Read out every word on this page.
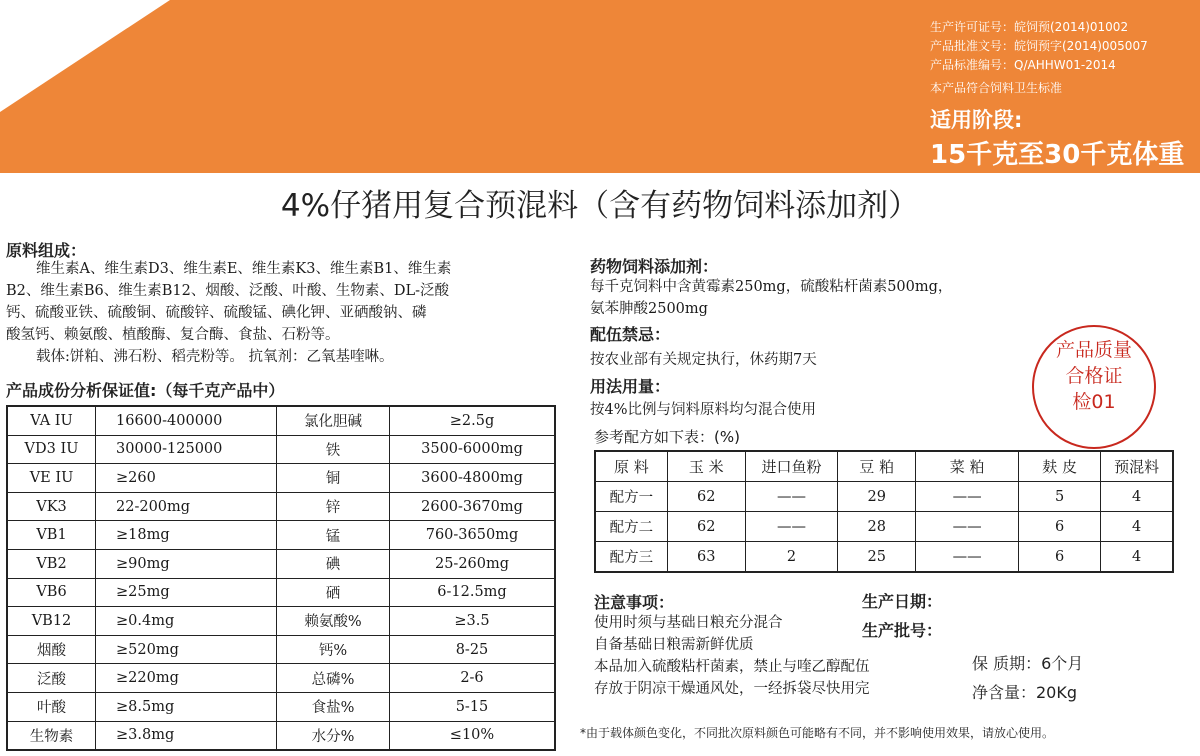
生产许可证号：皖饲预(2014)01002
产品批准文号：皖饲预字(2014)005007
产品标准编号：Q/AHHW01-2014
本产品符合饲料卫生标准
适用阶段:
15千克至30千克体重
4%仔猪用复合预混料（含有药物饲料添加剂）
原料组成：
维生素A、维生素D3、维生素E、维生素K3、维生素B1、维生素
B2、维生素B6、维生素B12、烟酸、泛酸、叶酸、生物素、DL-泛酸
钙、硫酸亚铁、硫酸铜、硫酸锌、硫酸锰、碘化钾、亚硒酸钠、磷
酸氢钙、赖氨酸、植酸酶、复合酶、食盐、石粉等。
载体:饼粕、沸石粉、稻壳粉等。 抗氧剂：乙氧基喹啉。
产品成份分析保证值:（每千克产品中）
VA IU	16600-400000	氯化胆碱	≥2.5g
VD3 IU	30000-125000	铁	3500-6000mg
VE IU	≥260	铜	3600-4800mg
VK3	22-200mg	锌	2600-3670mg
VB1	≥18mg	锰	760-3650mg
VB2	≥90mg	碘	25-260mg
VB6	≥25mg	硒	6-12.5mg
VB12	≥0.4mg	赖氨酸%	≥3.5
烟酸	≥520mg	钙%	8-25
泛酸	≥220mg	总磷%	2-6
叶酸	≥8.5mg	食盐%	5-15
生物素	≥3.8mg	水分%	≤10%
药物饲料添加剂：
每千克饲料中含黄霉素250mg，硫酸粘杆菌素500mg，
氨苯胂酸2500mg
配伍禁忌：
按农业部有关规定执行，休药期7天
用法用量：
按4%比例与饲料原料均匀混合使用
参考配方如下表：(%)
原 料	玉 米	进口鱼粉	豆 粕	菜 粕	麸 皮	预混料
配方一	62	——	29	——	5	4
配方二	62	——	28	——	6	4
配方三	63	2	25	——	6	4
产品质量
合格证
检01
注意事项：
使用时须与基础日粮充分混合
自备基础日粮需新鲜优质
本品加入硫酸粘杆菌素，禁止与喹乙醇配伍
存放于阴凉干燥通风处，一经拆袋尽快用完
生产日期：
生产批号：
保 质期：6个月
净含量：20Kg
*由于载体颜色变化，不同批次原料颜色可能略有不同，并不影响使用效果，请放心使用。
